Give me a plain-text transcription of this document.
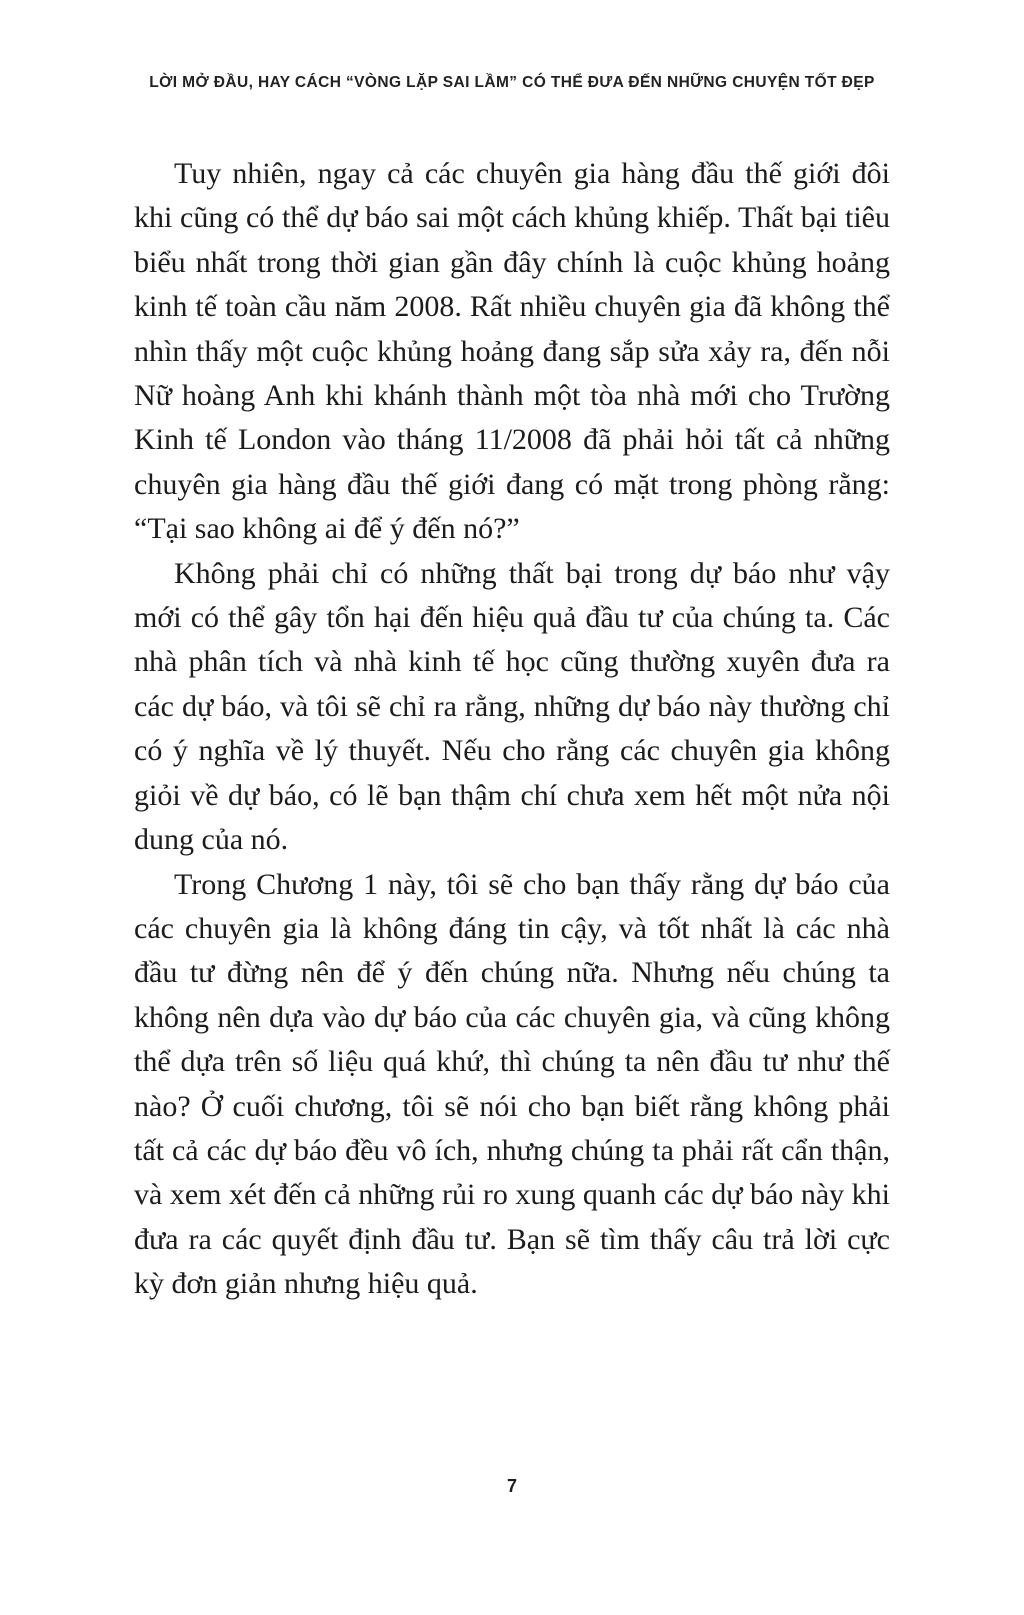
LỜI MỞ ĐẦU, HAY CÁCH “VÒNG LẶP SAI LẦM” CÓ THỂ ĐƯA ĐẾN NHỮNG CHUYỆN TỐT ĐẸP

Tuy nhiên, ngay cả các chuyên gia hàng đầu thế giới đôi khi cũng có thể dự báo sai một cách khủng khiếp. Thất bại tiêu biểu nhất trong thời gian gần đây chính là cuộc khủng hoảng kinh tế toàn cầu năm 2008. Rất nhiều chuyên gia đã không thể nhìn thấy một cuộc khủng hoảng đang sắp sửa xảy ra, đến nỗi Nữ hoàng Anh khi khánh thành một tòa nhà mới cho Trường Kinh tế London vào tháng 11/2008 đã phải hỏi tất cả những chuyên gia hàng đầu thế giới đang có mặt trong phòng rằng: “Tại sao không ai để ý đến nó?”

Không phải chỉ có những thất bại trong dự báo như vậy mới có thể gây tổn hại đến hiệu quả đầu tư của chúng ta. Các nhà phân tích và nhà kinh tế học cũng thường xuyên đưa ra các dự báo, và tôi sẽ chỉ ra rằng, những dự báo này thường chỉ có ý nghĩa về lý thuyết. Nếu cho rằng các chuyên gia không giỏi về dự báo, có lẽ bạn thậm chí chưa xem hết một nửa nội dung của nó.

Trong Chương 1 này, tôi sẽ cho bạn thấy rằng dự báo của các chuyên gia là không đáng tin cậy, và tốt nhất là các nhà đầu tư đừng nên để ý đến chúng nữa. Nhưng nếu chúng ta không nên dựa vào dự báo của các chuyên gia, và cũng không thể dựa trên số liệu quá khứ, thì chúng ta nên đầu tư như thế nào? Ở cuối chương, tôi sẽ nói cho bạn biết rằng không phải tất cả các dự báo đều vô ích, nhưng chúng ta phải rất cẩn thận, và xem xét đến cả những rủi ro xung quanh các dự báo này khi đưa ra các quyết định đầu tư. Bạn sẽ tìm thấy câu trả lời cực kỳ đơn giản nhưng hiệu quả.

7
